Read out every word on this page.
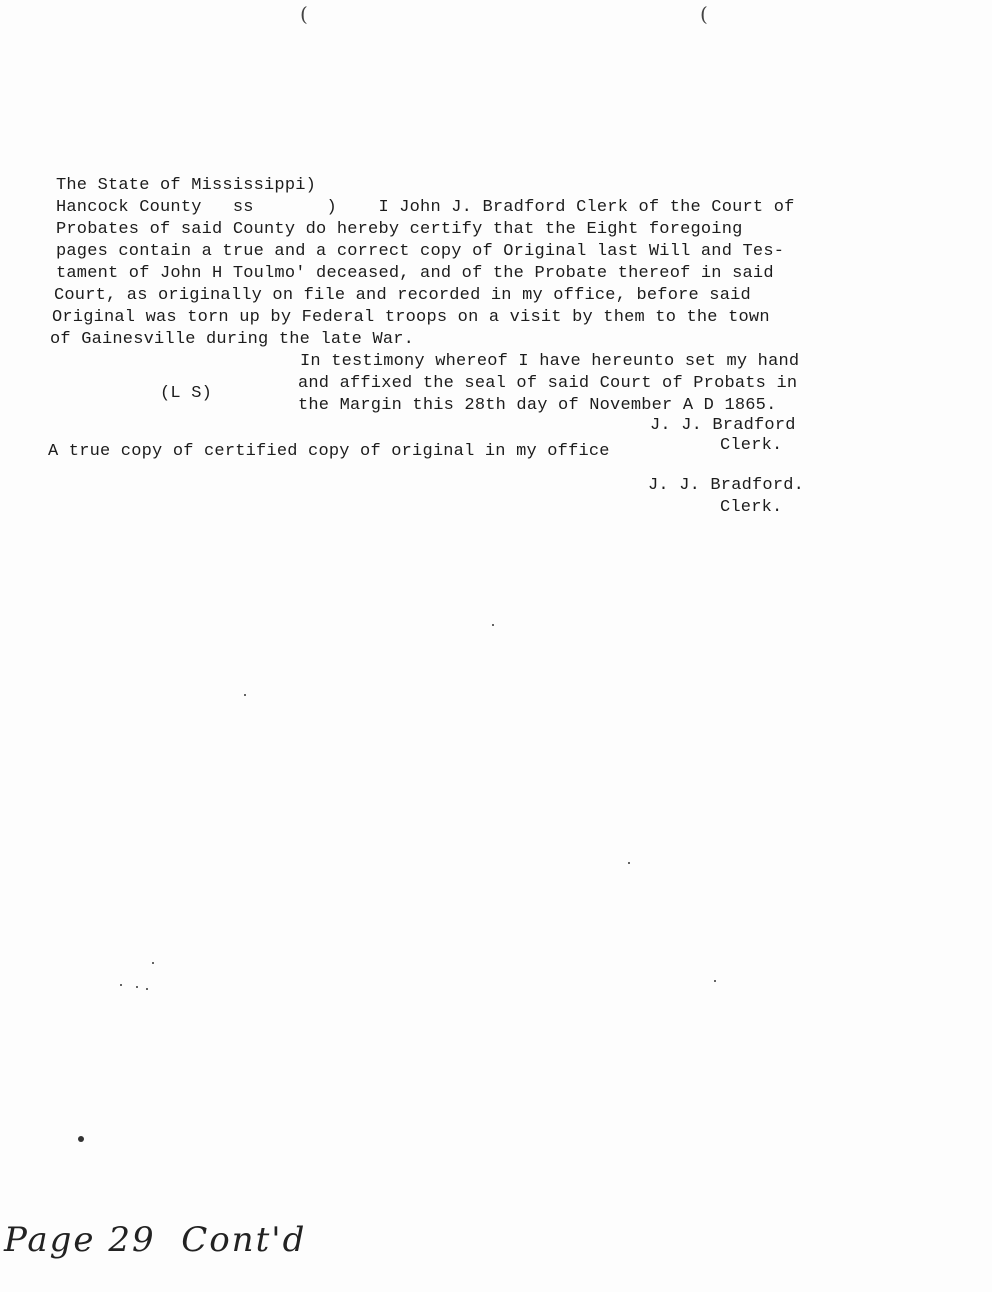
(	(
The State of Mississippi)
Hancock County   ss       )    I John J. Bradford Clerk of the Court of
Probates of said County do hereby certify that the Eight foregoing
pages contain a true and a correct copy of Original last Will and Tes-
tament of John H Toulmo' deceased, and of the Probate thereof in said
Court, as originally on file and recorded in my office, before said
Original was torn up by Federal troops on a visit by them to the town
of Gainesville during the late War.
In testimony whereof I have hereunto set my hand
and affixed the seal of said Court of Probats in
the Margin this 28th day of November A D 1865.
(L S)
J. J. Bradford
Clerk.
A true copy of certified copy of original in my office
J. J. Bradford.
Clerk.
Page 29  Cont'd
